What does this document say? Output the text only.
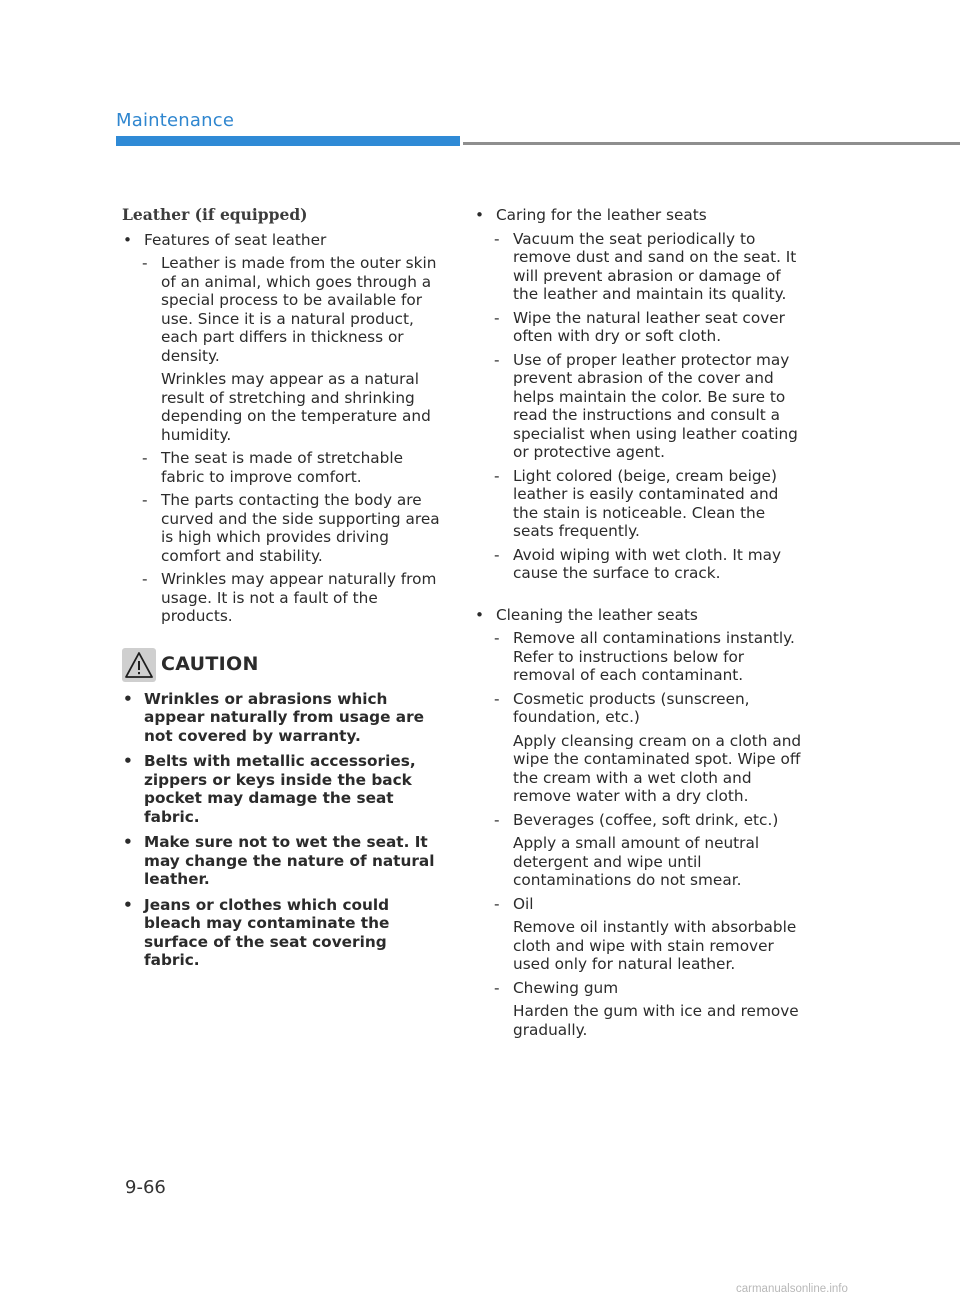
Maintenance
Leather (if equipped)
• Features of seat leather
- Leather is made from the outer skin of an animal, which goes through a special process to be available for use. Since it is a natural product, each part differs in thickness or density.

Wrinkles may appear as a natural result of stretching and shrinking depending on the temperature and humidity.

- The seat is made of stretchable fabric to improve comfort.

- The parts contacting the body are curved and the side supporting area is high which provides driving comfort and stability.

- Wrinkles may appear naturally from usage. It is not a fault of the products.

CAUTION
• Wrinkles or abrasions which appear naturally from usage are not covered by warranty.
• Belts with metallic accessories, zippers or keys inside the back pocket may damage the seat fabric.
• Make sure not to wet the seat. It may change the nature of natural leather.
• Jeans or clothes which could bleach may contaminate the surface of the seat covering fabric.
• Caring for the leather seats
- Vacuum the seat periodically to remove dust and sand on the seat. It will prevent abrasion or damage of the leather and maintain its quality.

- Wipe the natural leather seat cover often with dry or soft cloth.

- Use of proper leather protector may prevent abrasion of the cover and helps maintain the color. Be sure to read the instructions and consult a specialist when using leather coating or protective agent.

- Light colored (beige, cream beige) leather is easily contaminated and the stain is noticeable. Clean the seats frequently.

- Avoid wiping with wet cloth. It may cause the surface to crack.

• Cleaning the leather seats
- Remove all contaminations instantly. Refer to instructions below for removal of each contaminant.

- Cosmetic products (sunscreen, foundation, etc.)

Apply cleansing cream on a cloth and wipe the contaminated spot. Wipe off the cream with a wet cloth and remove water with a dry cloth.

- Beverages (coffee, soft drink, etc.)

Apply a small amount of neutral detergent and wipe until contaminations do not smear.

- Oil

Remove oil instantly with absorbable cloth and wipe with stain remover used only for natural leather.

- Chewing gum

Harden the gum with ice and remove gradually.

9-66
carmanualsonline.info
